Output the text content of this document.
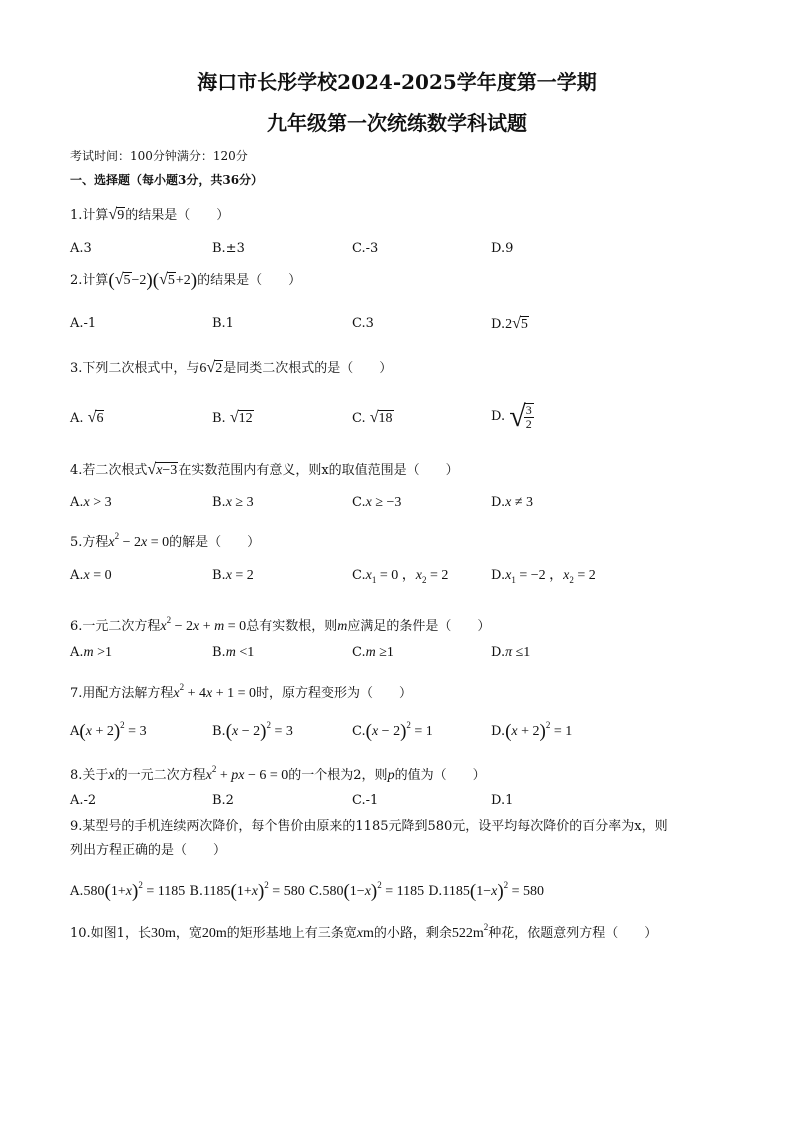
海口市长彤学校2024-2025学年度第一学期
九年级第一次统练数学科试题
考试时间：100分钟满分：120分
一、选择题（每小题3分，共36分）
1.计算√9的结果是（　　）
A.3	B.±3	C.-3	D.9
2.计算(√5−2)(√5+2)的结果是（　　）
A.-1	B.1	C.3	D.2√5
3.下列二次根式中，与6√2是同类二次根式的是（　　）
A. √6	B. √12	C. √18	D. √
$\frac{3}{2}$
4.若二次根式√x−3在实数范围内有意义，则x的取值范围是（　　）
A.x > 3	B.x ≥ 3	C.x ≥ −3	D.x ≠ 3
5.方程$x^2 - 2x = 0$的解是（　　）
A.x = 0	B.x = 2	$C.x_1 = 0$ ，$x_2 = 2$	$D.x_1 = -2$ ，$x_2 = 2$
6.一元二次方程$x^2 - 2x + m = 0$总有实数根，则m应满足的条件是（　　）
A.m >1	B.m <1	C.m ≥1	D.π ≤1
7.用配方法解方程$x^2 + 4x + 1 = 0$时，原方程变形为（　　）
$A(x + 2)^2 = 3$	$B.(x - 2)^2 = 3$	$C.(x - 2)^2 = 1$	$D.(x + 2)^2 = 1$
8.关于x的一元二次方程$x^2$ + px − 6 = 0的一个根为2，则p的值为（　　）
A.-2	B.2	C.-1	D.1
9.某型号的手机连续两次降价，每个售价由原来的1185元降到580元，设平均每次降价的百分率为x，则
列出方程正确的是（　　）
$A.580(1+x)^2 = 1185$ $B.1185(1+x)^2 = 580$ $C.580(1-x)^2 = 1185$ $D.1185(1-x)^2 = 580$
10.如图1，长30m，宽20m的矩形基地上有三条宽xm的小路，剩余$522m^2$种花，依题意列方程（　　）
